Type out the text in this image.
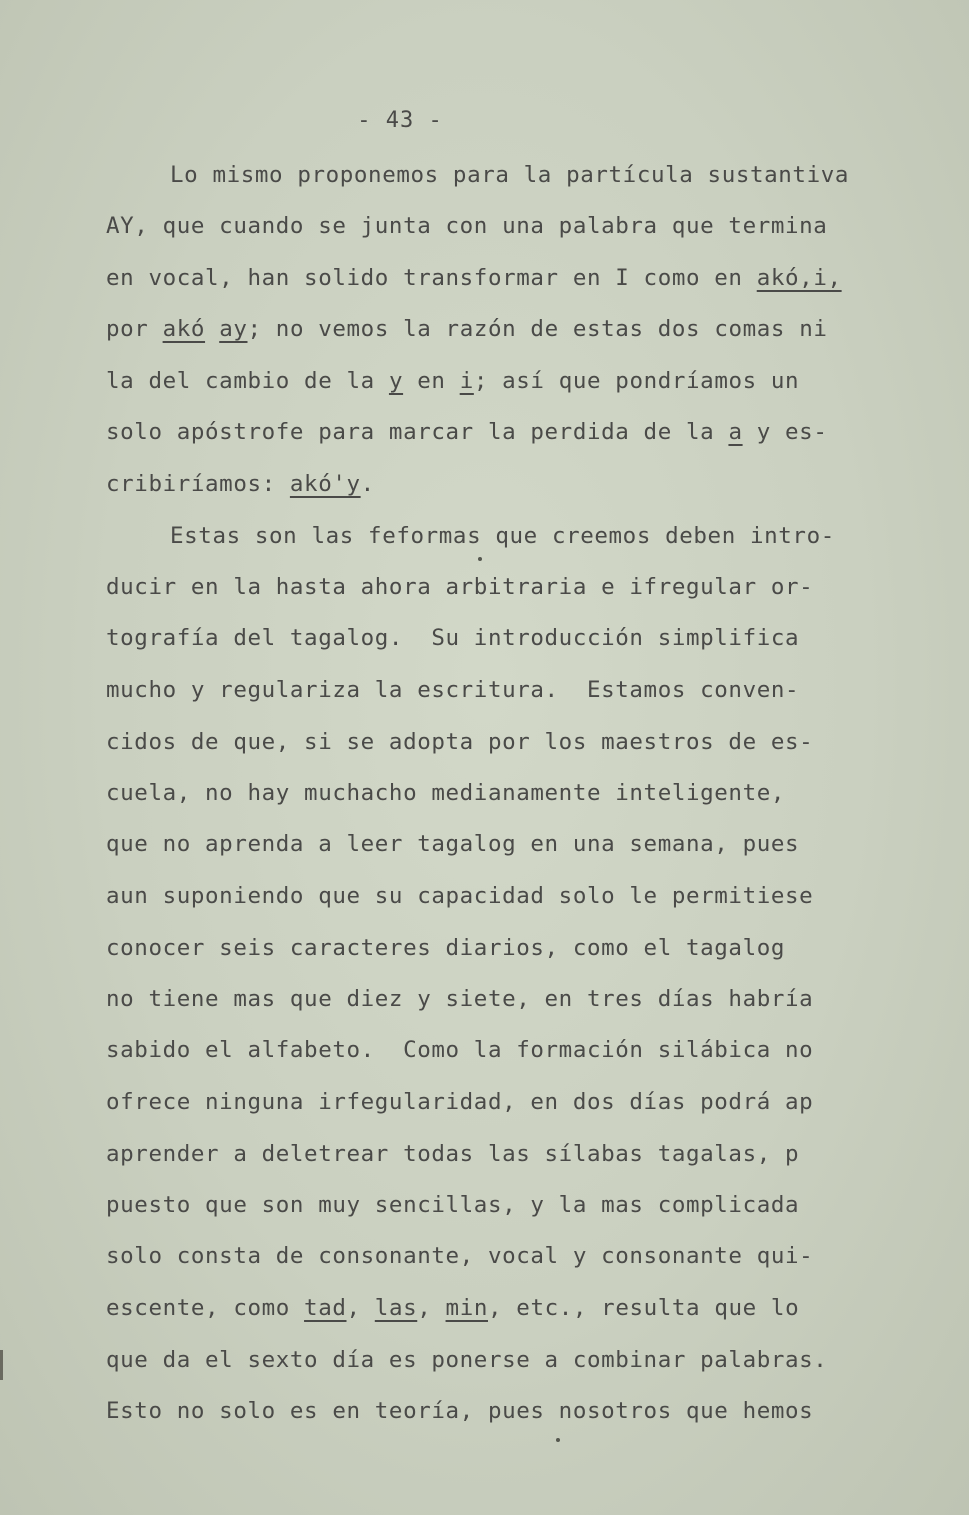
- 43 -
Lo mismo proponemos para la partícula sustantiva
AY, que cuando se junta con una palabra que termina
en vocal, han solido transformar en I como en akó,i,
por akó ay; no vemos la razón de estas dos comas ni
la del cambio de la y en i; así que pondríamos un
solo apóstrofe para marcar la perdida de la a y es-
cribiríamos: akó'y.
Estas son las feformas que creemos deben intro-
ducir en la hasta ahora arbitraria e ifregular or-
tografía del tagalog.  Su introducción simplifica
mucho y regulariza la escritura.  Estamos conven-
cidos de que, si se adopta por los maestros de es-
cuela, no hay muchacho medianamente inteligente,
que no aprenda a leer tagalog en una semana, pues
aun suponiendo que su capacidad solo le permitiese
conocer seis caracteres diarios, como el tagalog
no tiene mas que diez y siete, en tres días habría
sabido el alfabeto.  Como la formación silábica no
ofrece ninguna irfegularidad, en dos días podrá ap
aprender a deletrear todas las sílabas tagalas, p
puesto que son muy sencillas, y la mas complicada
solo consta de consonante, vocal y consonante qui-
escente, como tad, las, min, etc., resulta que lo
que da el sexto día es ponerse a combinar palabras.
Esto no solo es en teoría, pues nosotros que hemos
